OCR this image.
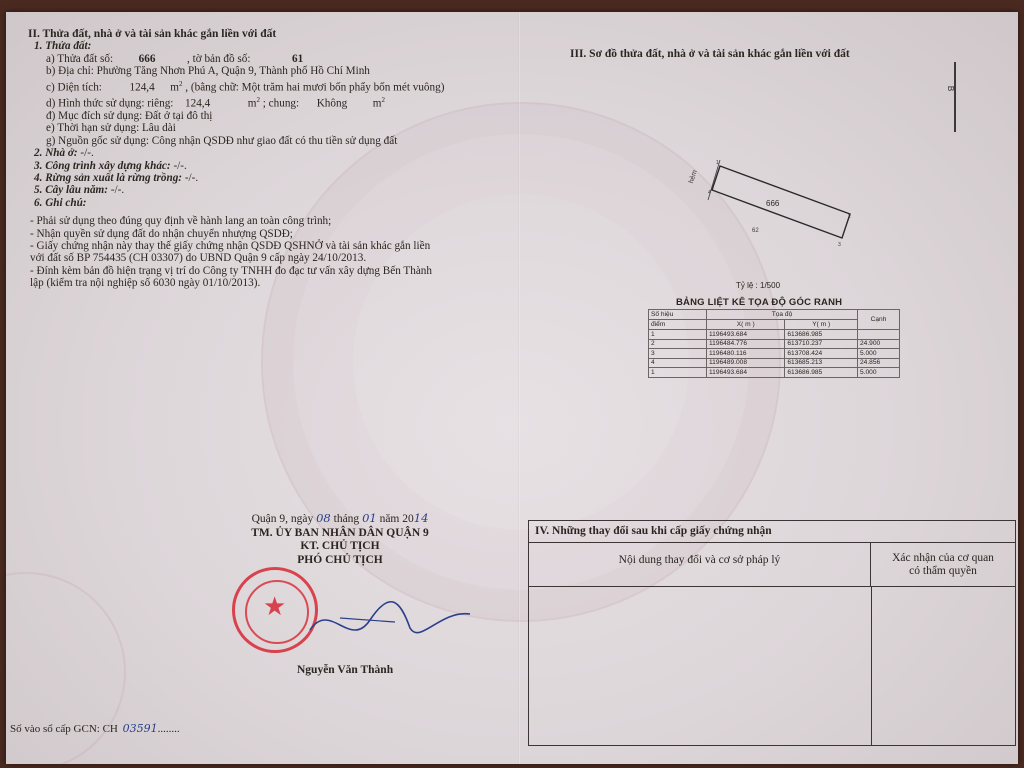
II. Thửa đất, nhà ở và tài sản khác gắn liền với đất
1. Thửa đất:
a) Thửa đất số: 666	, tờ bản đồ số:	61
b) Địa chỉ: Phường Tăng Nhơn Phú A, Quận 9, Thành phố Hồ Chí Minh
c) Diện tích: 124,4 $m^2$ , (bằng chữ: Một trăm hai mươi bốn phẩy bốn mét vuông)
d) Hình thức sử dụng: riêng: 124,4	$m^2$ ; chung: Không $m^2$
đ) Mục đích sử dụng: Đất ở tại đô thị
e) Thời hạn sử dụng: Lâu dài
g) Nguồn gốc sử dụng: Công nhận QSDĐ như giao đất có thu tiền sử dụng đất
2. Nhà ở: -/-.
3. Công trình xây dựng khác: -/-.
4. Rừng sản xuất là rừng trồng: -/-.
5. Cây lâu năm: -/-.
6. Ghi chú:
- Phải sử dụng theo đúng quy định về hành lang an toàn công trình;
- Nhận quyền sử dụng đất do nhận chuyển nhượng QSDĐ;
- Giấy chứng nhận này thay thế giấy chứng nhận QSDĐ QSHNỞ và tài sản khác gắn liền
với đất số BP 754435 (CH 03307) do UBND Quận 9 cấp ngày 24/10/2013.
- Đính kèm bản đồ hiện trạng vị trí do Công ty TNHH đo đạc tư vấn xây dựng Bến Thành
lập (kiểm tra nội nghiệp số 6030 ngày 01/10/2013).
Quận 9, ngày 08 tháng 01 năm 2014
TM. ỦY BAN NHÂN DÂN QUẬN 9
KT. CHỦ TỊCH
PHÓ CHỦ TỊCH
★
Nguyễn Văn Thành
Số vào sổ cấp GCN: CH 03591........
III. Sơ đồ thửa đất, nhà ở và tài sản khác gắn liền với đất
B
hẻm
666
62
1
2
3
4
Tỷ lệ : 1/500
BẢNG LIỆT KÊ TỌA ĐỘ GÓC RANH
Số hiệu	Tọa độ		Cạnh
điểm	X( m )	Y( m )	
1	1196493.684	613686.985	
2	1196484.776	613710.237	24.900
3	1196480.116	613708.424	5.000
4	1196489.008	613685.213	24.856
1	1196493.684	613686.985	5.000
IV. Những thay đổi sau khi cấp giấy chứng nhận
Nội dung thay đổi và cơ sở pháp lý	Xác nhận của cơ quan
có thẩm quyền
